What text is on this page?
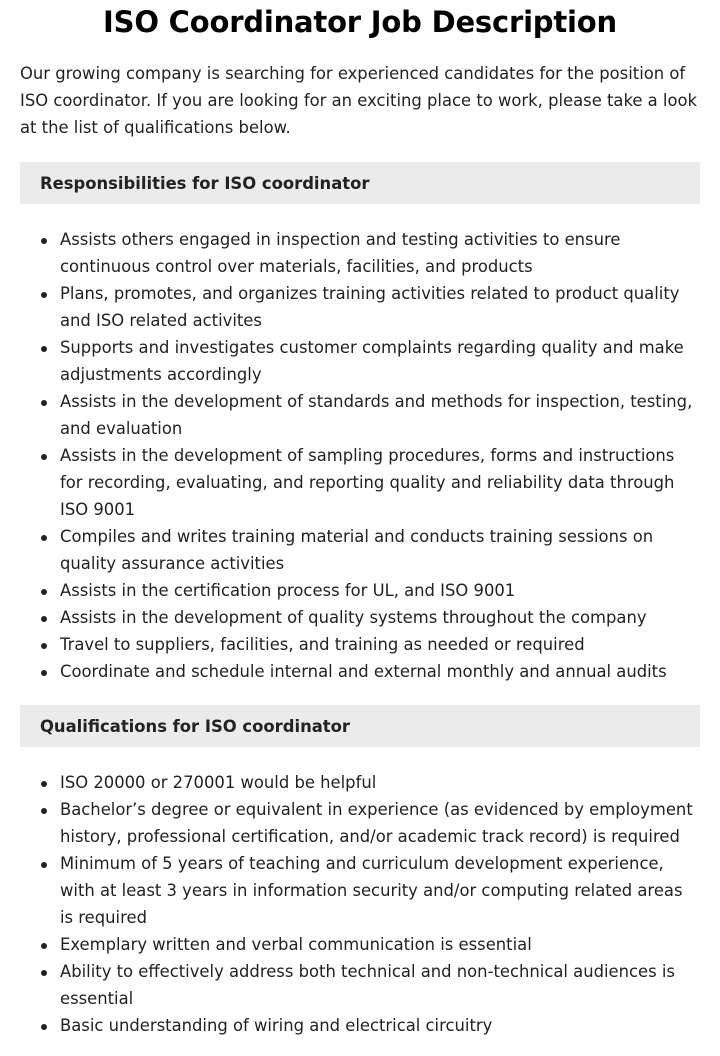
ISO Coordinator Job Description

Our growing company is searching for experienced candidates for the position of ISO coordinator. If you are looking for an exciting place to work, please take a look at the list of qualifications below.

Responsibilities for ISO coordinator
Assists others engaged in inspection and testing activities to ensure continuous control over materials, facilities, and products
Plans, promotes, and organizes training activities related to product quality and ISO related activites
Supports and investigates customer complaints regarding quality and make adjustments accordingly
Assists in the development of standards and methods for inspection, testing, and evaluation
Assists in the development of sampling procedures, forms and instructions for recording, evaluating, and reporting quality and reliability data through ISO 9001
Compiles and writes training material and conducts training sessions on quality assurance activities
Assists in the certification process for UL, and ISO 9001
Assists in the development of quality systems throughout the company
Travel to suppliers, facilities, and training as needed or required
Coordinate and schedule internal and external monthly and annual audits
Qualifications for ISO coordinator
ISO 20000 or 270001 would be helpful
Bachelor’s degree or equivalent in experience (as evidenced by employment history, professional certification, and/or academic track record) is required
Minimum of 5 years of teaching and curriculum development experience, with at least 3 years in information security and/or computing related areas is required
Exemplary written and verbal communication is essential
Ability to effectively address both technical and non-technical audiences is essential
Basic understanding of wiring and electrical circuitry
